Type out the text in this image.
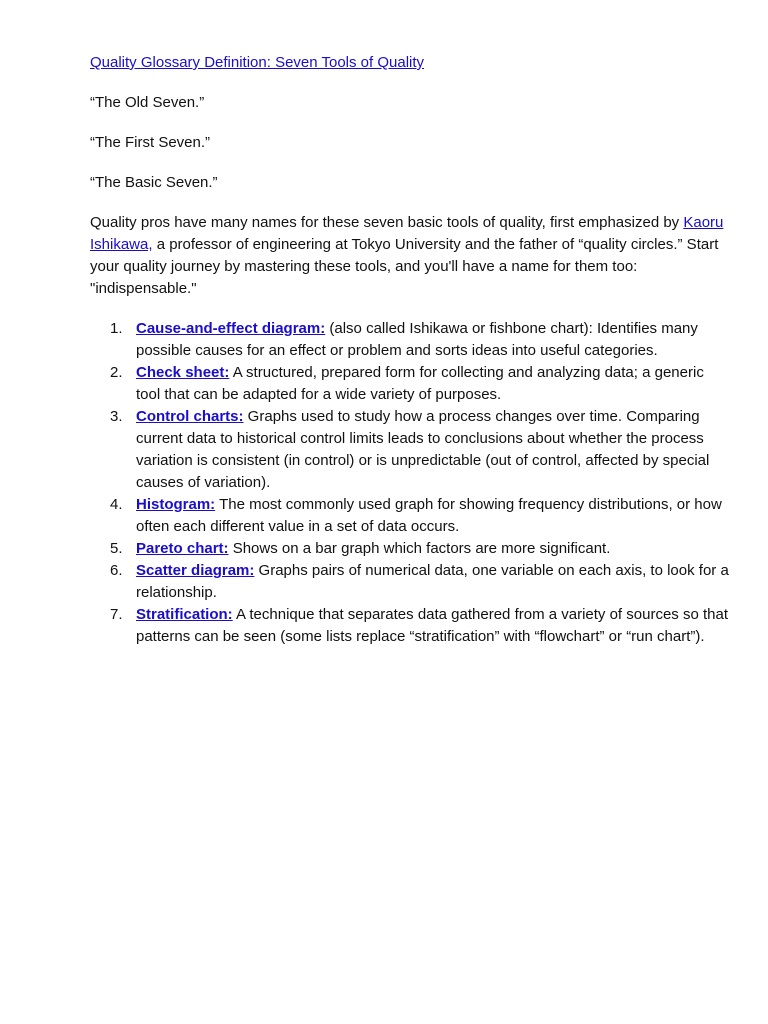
Quality Glossary Definition: Seven Tools of Quality

“The Old Seven.”

“The First Seven.”

“The Basic Seven.”

Quality pros have many names for these seven basic tools of quality, first emphasized by Kaoru Ishikawa, a professor of engineering at Tokyo University and the father of “quality circles.” Start your quality journey by mastering these tools, and you'll have a name for them too: "indispensable."

1. Cause-and-effect diagram: (also called Ishikawa or fishbone chart): Identifies many possible causes for an effect or problem and sorts ideas into useful categories.
2. Check sheet: A structured, prepared form for collecting and analyzing data; a generic tool that can be adapted for a wide variety of purposes.
3. Control charts: Graphs used to study how a process changes over time. Comparing current data to historical control limits leads to conclusions about whether the process variation is consistent (in control) or is unpredictable (out of control, affected by special causes of variation).
4. Histogram: The most commonly used graph for showing frequency distributions, or how often each different value in a set of data occurs.
5. Pareto chart: Shows on a bar graph which factors are more significant.
6. Scatter diagram: Graphs pairs of numerical data, one variable on each axis, to look for a relationship.
7. Stratification: A technique that separates data gathered from a variety of sources so that patterns can be seen (some lists replace “stratification” with “flowchart” or “run chart”).
